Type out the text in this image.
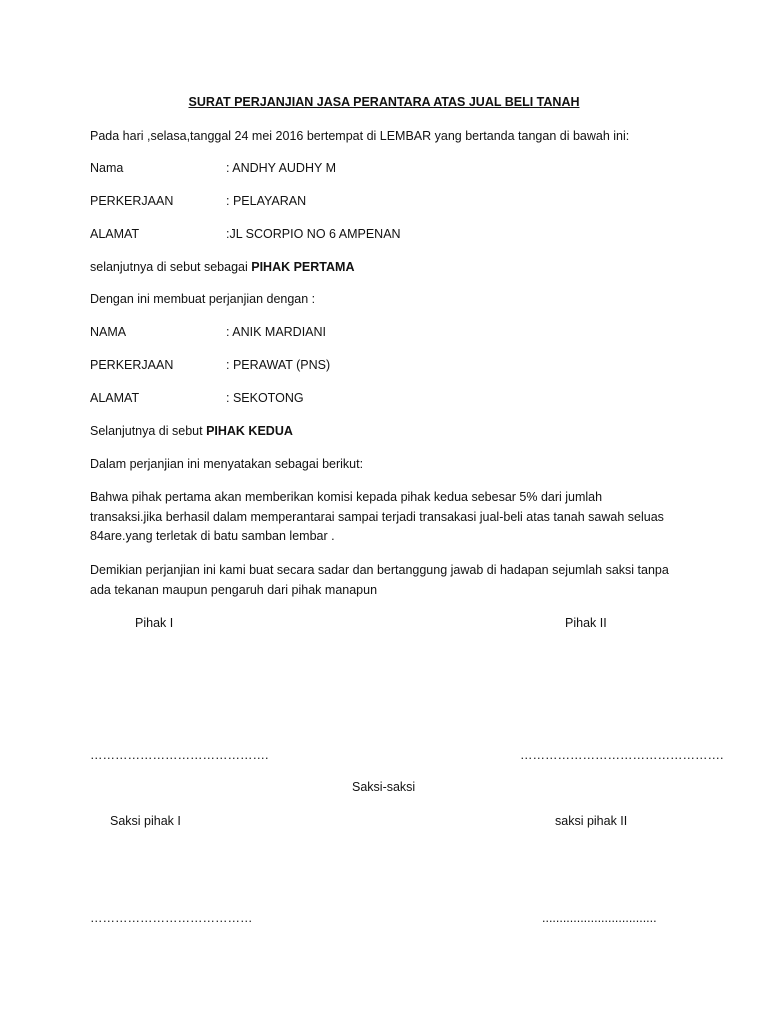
SURAT PERJANJIAN JASA PERANTARA ATAS JUAL BELI TANAH
Pada hari ,selasa,tanggal 24 mei 2016 bertempat di LEMBAR yang bertanda tangan di bawah ini:
Nama	: ANDHY AUDHY M
PERKERJAAN	: PELAYARAN
ALAMAT	:JL SCORPIO NO 6 AMPENAN
selanjutnya di sebut sebagai PIHAK PERTAMA
Dengan ini membuat perjanjian dengan :
NAMA	: ANIK MARDIANI
PERKERJAAN	: PERAWAT (PNS)
ALAMAT	: SEKOTONG
Selanjutnya di sebut PIHAK KEDUA
Dalam perjanjian ini menyatakan sebagai berikut:
Bahwa pihak pertama akan memberikan komisi kepada pihak kedua sebesar 5% dari jumlah
transaksi.jika berhasil dalam memperantarai sampai terjadi transakasi jual-beli atas tanah sawah seluas
84are.yang terletak di batu samban lembar .
Demikian perjanjian ini kami buat secara sadar dan bertanggung jawab di hadapan sejumlah saksi tanpa
ada tekanan maupun pengaruh dari pihak manapun
Pihak I	Pihak II
…………………………………….	………………………………………….
Saksi-saksi
Saksi pihak I	saksi pihak II
…………………………………	.................................
